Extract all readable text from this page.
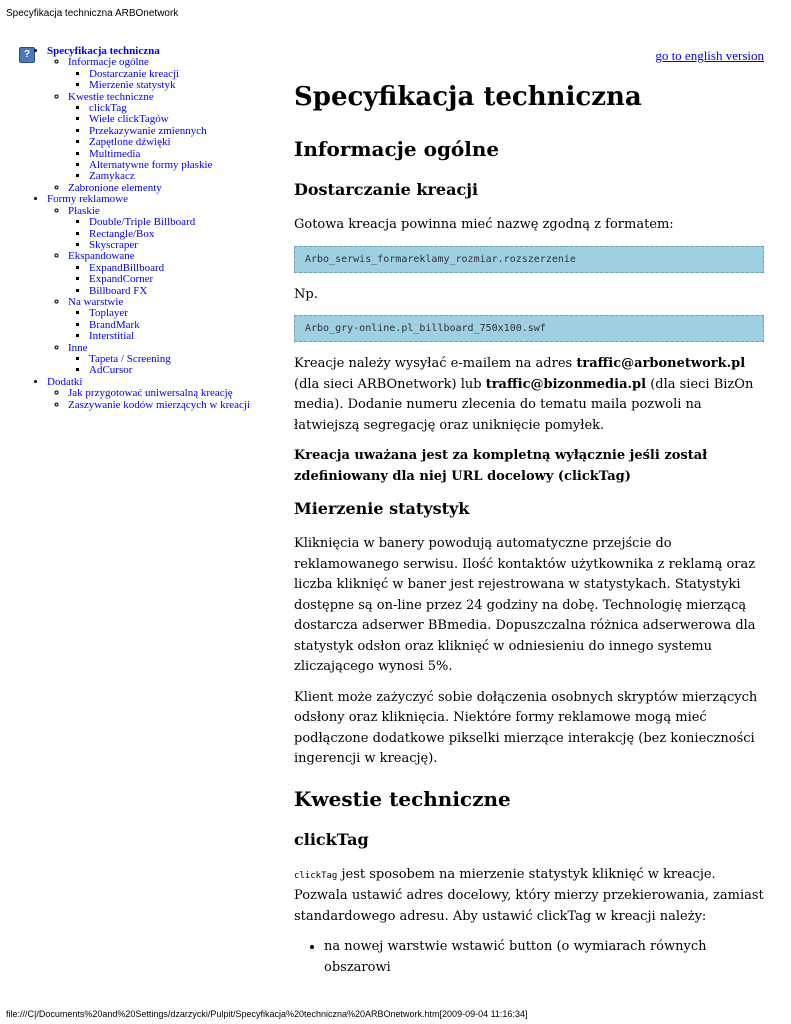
Specyfikacja techniczna ARBOnetwork
?	• Specyfikacja techniczna
◦ Informacje ogólne
▪ Dostarczanie kreacji
▪ Mierzenie statystyk
◦ Kwestie techniczne
▪ clickTag
▪ Wiele clickTagów
▪ Przekazywanie zmiennych
▪ Zapętlone dźwięki
▪ Multimedia
▪ Alternatywne formy płaskie
▪ Zamykacz
◦ Zabronione elementy
• Formy reklamowe
◦ Płaskie
▪ Double/Triple Billboard
▪ Rectangle/Box
▪ Skyscraper
◦ Ekspandowane
▪ ExpandBillboard
▪ ExpandCorner
▪ Billboard FX
◦ Na warstwie
▪ Toplayer
▪ BrandMark
▪ Interstitial
◦ Inne
▪ Tapeta / Screening
▪ AdCursor
• Dodatki
◦ Jak przygotować uniwersalną kreację
◦ Zaszywanie kodów mierzących w kreacji
go to english version
Specyfikacja techniczna
Informacje ogólne
Dostarczanie kreacji

Gotowa kreacja powinna mieć nazwę zgodną z formatem:

Arbo_serwis_formareklamy_rozmiar.rozszerzenie

Np.

Arbo_gry-online.pl_billboard_750x100.swf

Kreacje należy wysyłać e-mailem na adres traffic@arbonetwork.pl (dla sieci ARBOnetwork) lub traffic@bizonmedia.pl (dla sieci BizOn media). Dodanie numeru zlecenia do tematu maila pozwoli na łatwiejszą segregację oraz uniknięcie pomyłek.

Kreacja uważana jest za kompletną wyłącznie jeśli został zdefiniowany dla niej URL docelowy (clickTag)

Mierzenie statystyk

Kliknięcia w banery powodują automatyczne przejście do reklamowanego serwisu. Ilość kontaktów użytkownika z reklamą oraz liczba kliknięć w baner jest rejestrowana w statystykach. Statystyki dostępne są on-line przez 24 godziny na dobę. Technologię mierzącą dostarcza adserwer BBmedia. Dopuszczalna różnica adserwerowa dla statystyk odsłon oraz kliknięć w odniesieniu do innego systemu zliczającego wynosi 5%.

Klient może zażyczyć sobie dołączenia osobnych skryptów mierzących odsłony oraz kliknięcia. Niektóre formy reklamowe mogą mieć podłączone dodatkowe pikselki mierzące interakcję (bez konieczności ingerencji w kreację).

Kwestie techniczne
clickTag

clickTag jest sposobem na mierzenie statystyk kliknięć w kreacje. Pozwala ustawić adres docelowy, który mierzy przekierowania, zamiast standardowego adresu. Aby ustawić clickTag w kreacji należy:

• na nowej warstwie wstawić button (o wymiarach równych obszarowi
file:///C|/Documents%20and%20Settings/dzarzycki/Pulpit/Specyfikacja%20techniczna%20ARBOnetwork.htm[2009-09-04 11:16:34]
